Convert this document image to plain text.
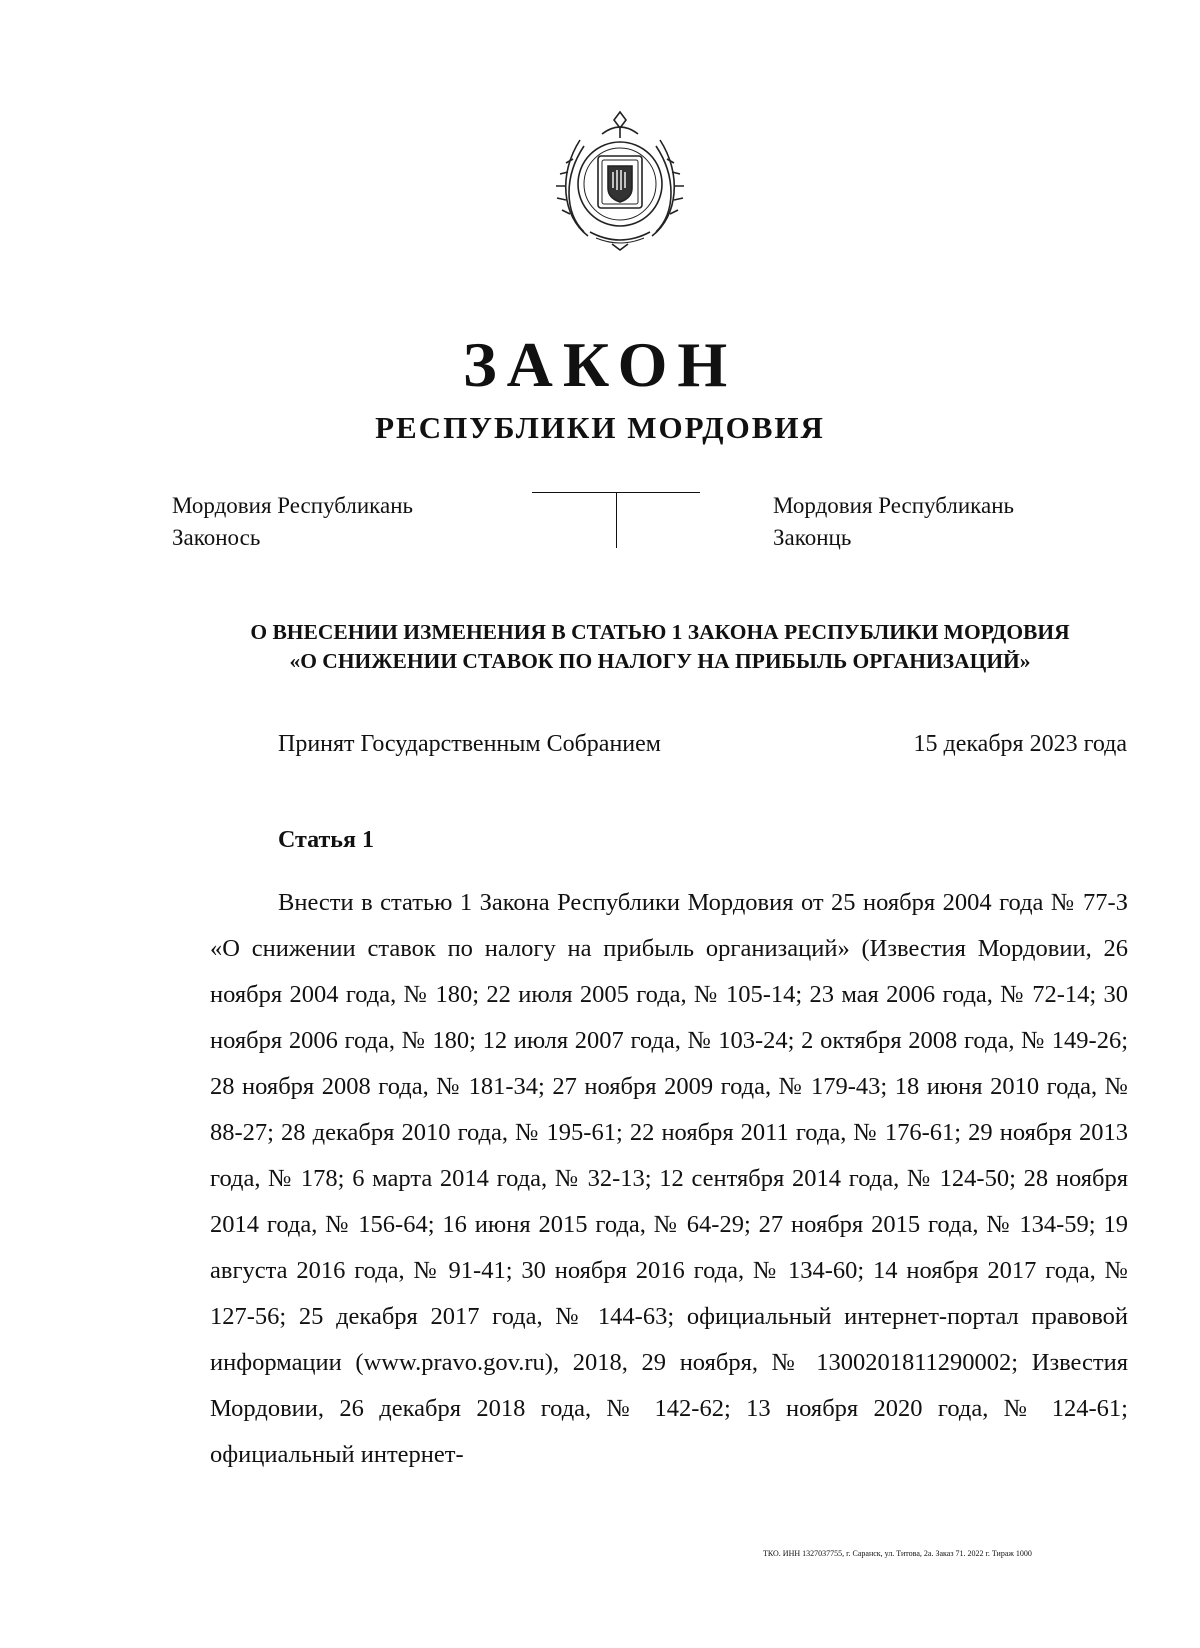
ЗАКОН
РЕСПУБЛИКИ МОРДОВИЯ
Мордовия Республикань
Законось
Мордовия Республикань
Законць
О ВНЕСЕНИИ ИЗМЕНЕНИЯ В СТАТЬЮ 1 ЗАКОНА РЕСПУБЛИКИ МОРДОВИЯ
«О СНИЖЕНИИ СТАВОК ПО НАЛОГУ НА ПРИБЫЛЬ ОРГАНИЗАЦИЙ»
Принят Государственным Собранием	15 декабря 2023 года
Статья 1

Внести в статью 1 Закона Республики Мордовия от 25 ноября 2004 года № 77-З «О снижении ставок по налогу на прибыль организаций» (Известия Мордовии, 26 ноября 2004 года, № 180; 22 июля 2005 года, № 105-14; 23 мая 2006 года, № 72-14; 30 ноября 2006 года, № 180; 12 июля 2007 года, № 103-24; 2 октября 2008 года, № 149-26; 28 ноября 2008 года, № 181-34; 27 ноября 2009 года, № 179-43; 18 июня 2010 года, № 88-27; 28 декабря 2010 года, № 195-61; 22 ноября 2011 года, № 176-61; 29 ноября 2013 года, № 178; 6 марта 2014 года, № 32-13; 12 сентября 2014 года, № 124-50; 28 ноября 2014 года, № 156-64; 16 июня 2015 года, № 64-29; 27 ноября 2015 года, № 134-59; 19 августа 2016 года, № 91-41; 30 ноября 2016 года, № 134-60; 14 ноября 2017 года, № 127-56; 25 декабря 2017 года, № 144-63; официальный интернет-портал правовой информации (www.pravo.gov.ru), 2018, 29 ноября, № 1300201811290002; Известия Мордовии, 26 декабря 2018 года, № 142-62; 13 ноября 2020 года, № 124-61; официальный интернет-

ТКО. ИНН 1327037755, г. Саранск, ул. Титова, 2а. Заказ 71. 2022 г. Тираж 1000
